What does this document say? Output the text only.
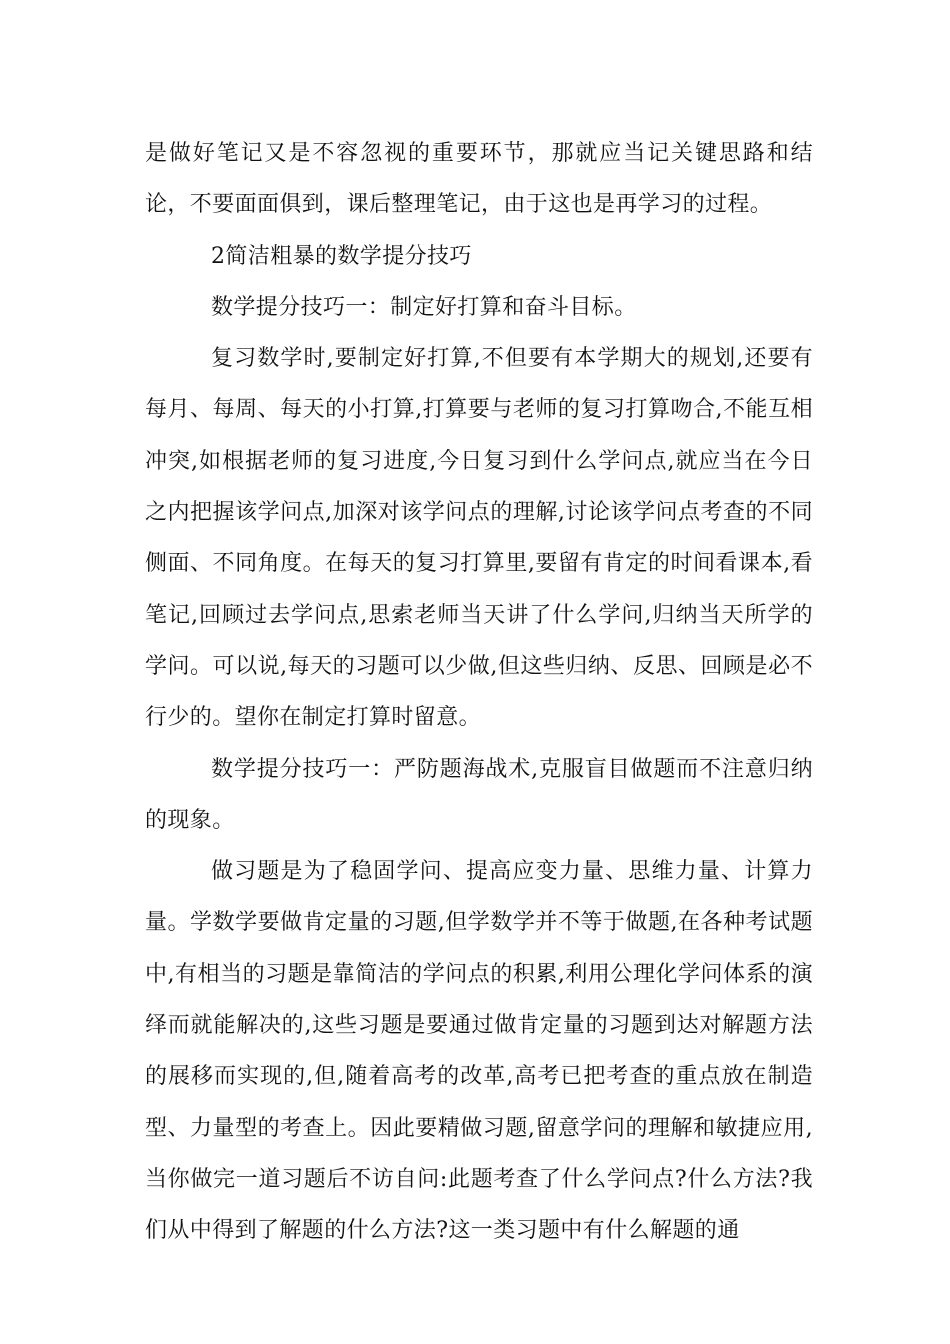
是做好笔记又是不容忽视的重要环节，那就应当记关键思路和结论，不要面面俱到，课后整理笔记，由于这也是再学习的过程。

2简洁粗暴的数学提分技巧

数学提分技巧一：制定好打算和奋斗目标。

复习数学时,要制定好打算,不但要有本学期大的规划,还要有每月、每周、每天的小打算,打算要与老师的复习打算吻合,不能互相冲突,如根据老师的复习进度,今日复习到什么学问点,就应当在今日之内把握该学问点,加深对该学问点的理解,讨论该学问点考查的不同侧面、不同角度。在每天的复习打算里,要留有肯定的时间看课本,看笔记,回顾过去学问点,思索老师当天讲了什么学问,归纳当天所学的学问。可以说,每天的习题可以少做,但这些归纳、反思、回顾是必不行少的。望你在制定打算时留意。

数学提分技巧一：严防题海战术,克服盲目做题而不注意归纳的现象。

做习题是为了稳固学问、提高应变力量、思维力量、计算力量。学数学要做肯定量的习题,但学数学并不等于做题,在各种考试题中,有相当的习题是靠简洁的学问点的积累,利用公理化学问体系的演绎而就能解决的,这些习题是要通过做肯定量的习题到达对解题方法的展移而实现的,但,随着高考的改革,高考已把考查的重点放在制造型、力量型的考查上。因此要精做习题,留意学问的理解和敏捷应用,当你做完一道习题后不访自问:此题考查了什么学问点?什么方法?我们从中得到了解题的什么方法?这一类习题中有什么解题的通
